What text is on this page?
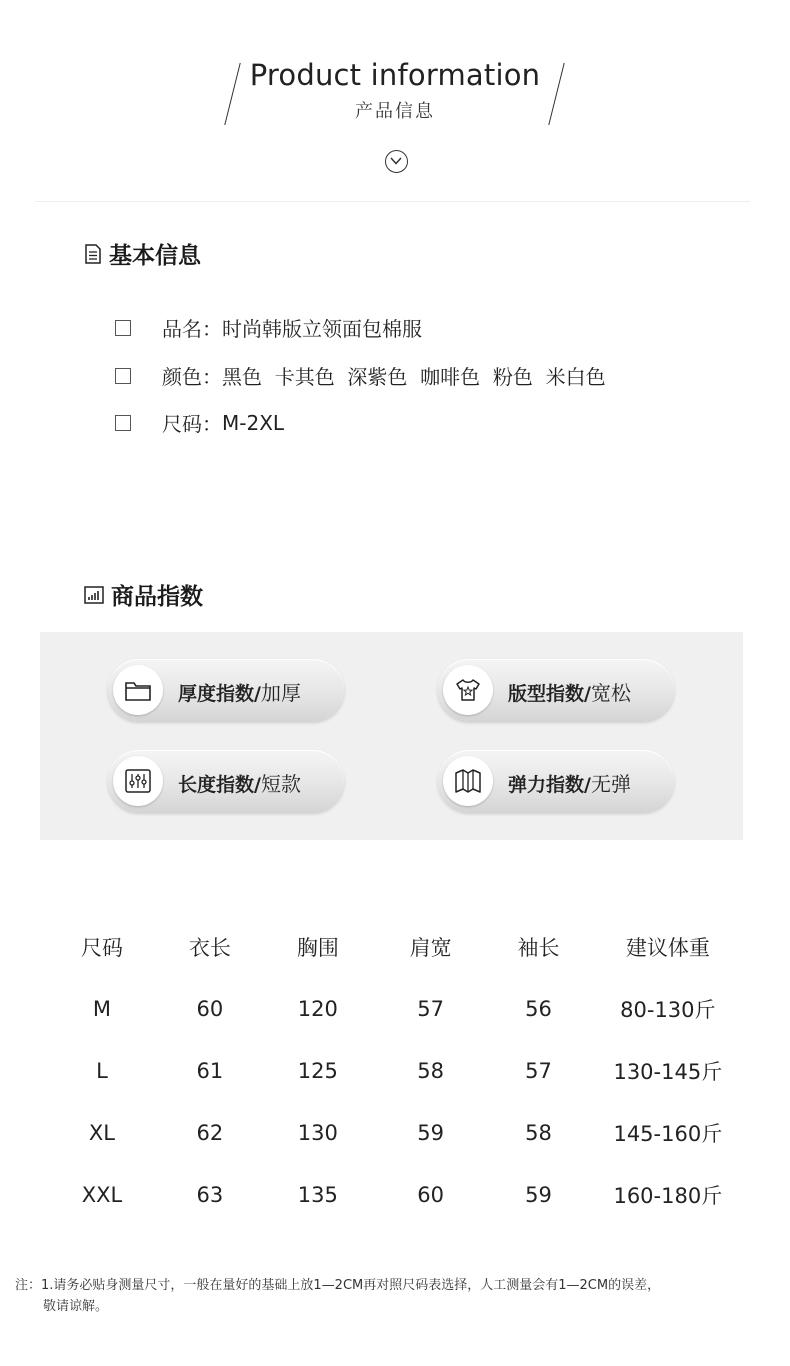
Product information
产品信息
基本信息
品名： 时尚韩版立领面包棉服
颜色： 黑色  卡其色  深紫色  咖啡色  粉色  米白色
尺码： M-2XL
商品指数
厚度指数/加厚	版型指数/宽松
长度指数/短款	弹力指数/无弹
尺码	衣长	胸围	肩宽	袖长	建议体重
M	60	120	57	56	80-130斤
L	61	125	58	57	130-145斤
XL	62	130	59	58	145-160斤
XXL	63	135	60	59	160-180斤
注：1.请务必贴身测量尺寸，一般在量好的基础上放1—2CM再对照尺码表选择，人工测量会有1—2CM的误差，
敬请谅解。
